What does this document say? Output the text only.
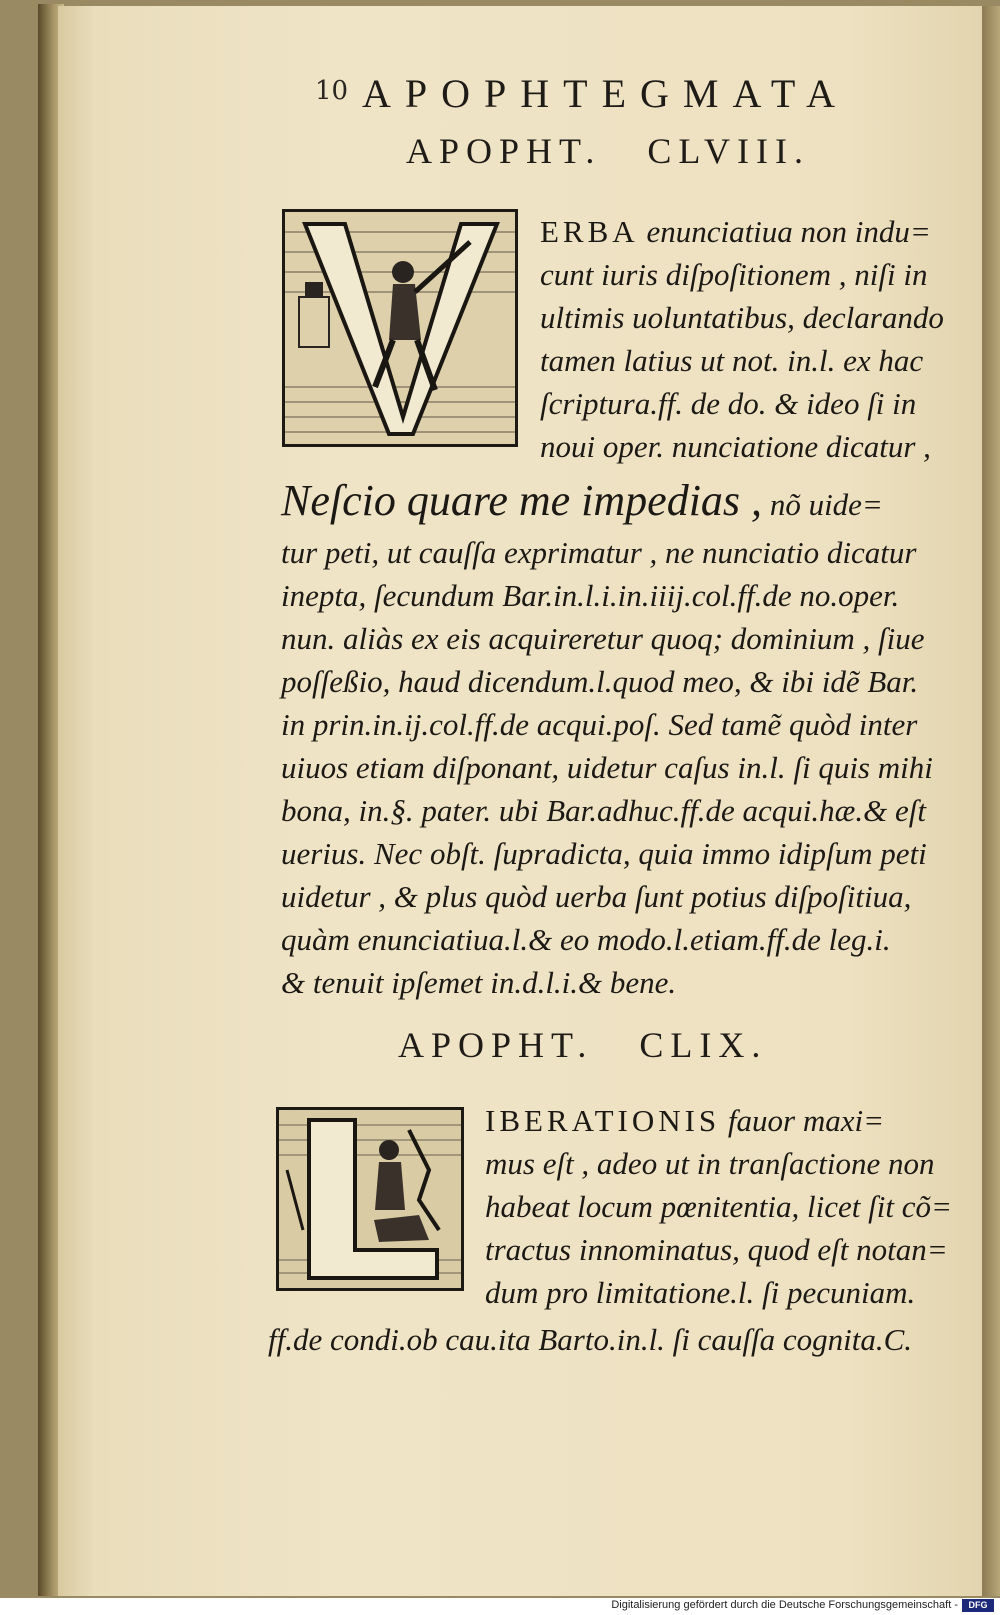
10 APOPHTEGMATA
APOPHT. CLVIII.
ERBA enunciatiua non indu=
cunt iuris diſpoſitionem , niſi in
ultimis uoluntatibus, declarando
tamen latius ut not. in.l. ex hac
ſcriptura.ff. de do. & ideo ſi in
noui oper. nunciatione dicatur ,
Neſcio quare me impedias , nõ uide=
tur peti, ut cauſſa exprimatur , ne nunciatio dicatur
inepta, ſecundum Bar.in.l.i.in.iiij.col.ff.de no.oper.
nun. aliàs ex eis acquireretur quoq; dominium , ſiue
poſſeßio, haud dicendum.l.quod meo, & ibi idẽ Bar.
in prin.in.ij.col.ff.de acqui.poſ. Sed tamẽ quòd inter
uiuos etiam diſponant, uidetur caſus in.l. ſi quis mihi
bona, in.§. pater. ubi Bar.adhuc.ff.de acqui.hæ.& eſt
uerius. Nec obſt. ſupradicta, quia immo idipſum peti
uidetur , & plus quòd uerba ſunt potius diſpoſitiua,
quàm enunciatiua.l.& eo modo.l.etiam.ff.de leg.i.
& tenuit ipſemet in.d.l.i.& bene.
APOPHT. CLIX.
IBERATIONIS fauor maxi=
mus eſt , adeo ut in tranſactione non
habeat locum pœnitentia, licet ſit cõ=
tractus innominatus, quod eſt notan=
dum pro limitatione.l. ſi pecuniam.
ff.de condi.ob cau.ita Barto.in.l. ſi cauſſa cognita.C.
Digitalisierung gefördert durch die Deutsche Forschungsgemeinschaft -	DFG
